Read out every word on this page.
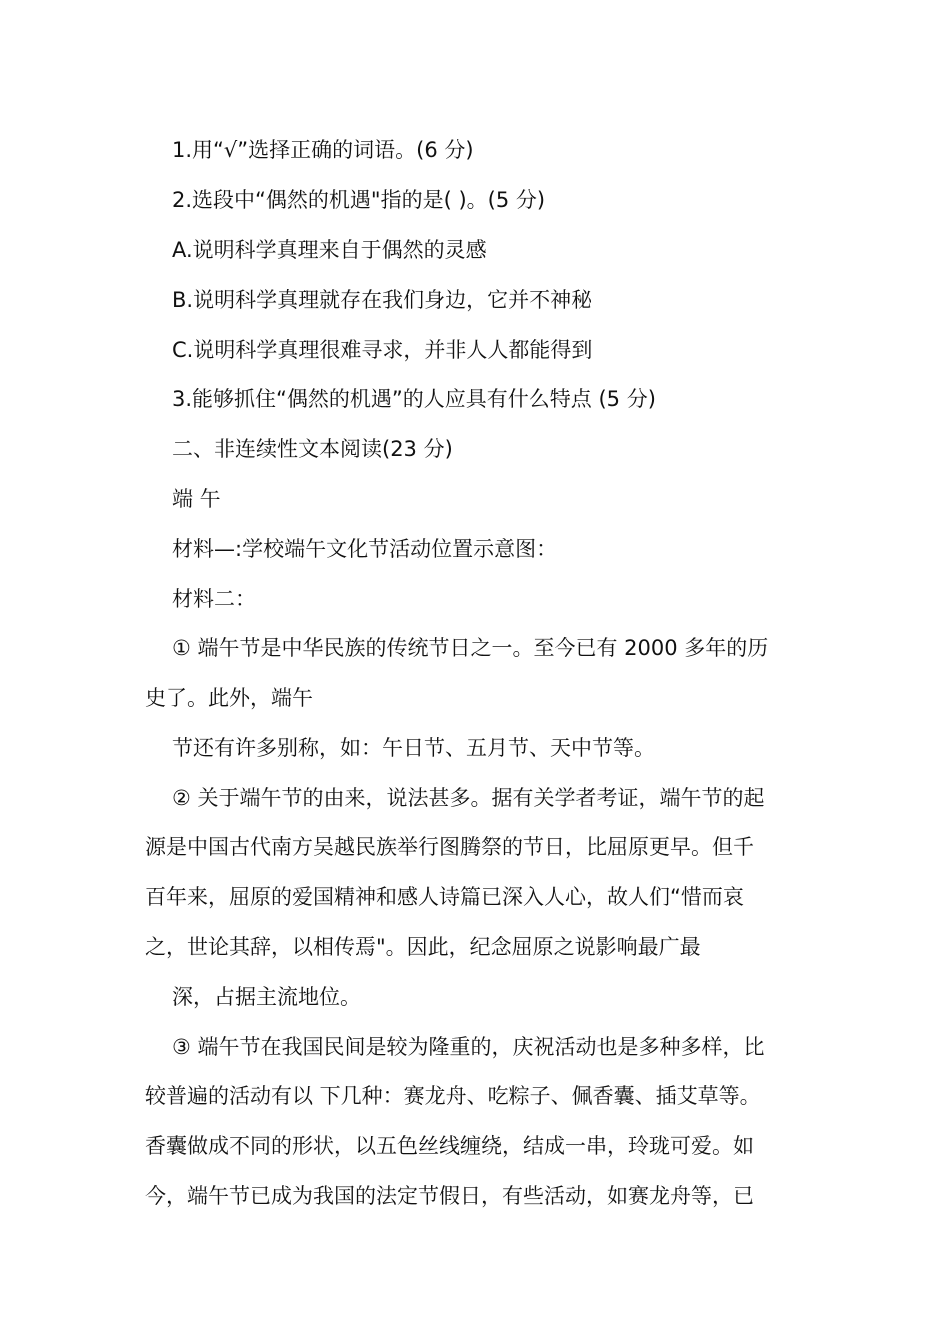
1.用“√”选择正确的词语。(6 分)
2.选段中“偶然的机遇"指的是( )。(5 分)
A.说明科学真理来自于偶然的灵感
B.说明科学真理就存在我们身边，它并不神秘
C.说明科学真理很难寻求，并非人人都能得到
3.能够抓住“偶然的机遇”的人应具有什么特点 (5 分)
二、非连续性文本阅读(23 分)
端 午
材料—:学校端午文化节活动位置示意图：
材料二：
① 端午节是中华民族的传统节日之一。至今已有 2000 多年的历
史了。此外，端午
节还有许多别称，如：午日节、五月节、天中节等。
② 关于端午节的由来，说法甚多。据有关学者考证，端午节的起
源是中国古代南方吴越民族举行图腾祭的节日，比屈原更早。但千
百年来，屈原的爱国精神和感人诗篇已深入人心，故人们“惜而哀
之，世论其辞，以相传焉"。因此，纪念屈原之说影响最广最
深，占据主流地位。
③ 端午节在我国民间是较为隆重的，庆祝活动也是多种多样，比
较普遍的活动有以 下几种：赛龙舟、吃粽子、佩香囊、插艾草等。
香囊做成不同的形状，以五色丝线缠绕，结成一串，玲珑可爱。如
今，端午节已成为我国的法定节假日，有些活动，如赛龙舟等，已
